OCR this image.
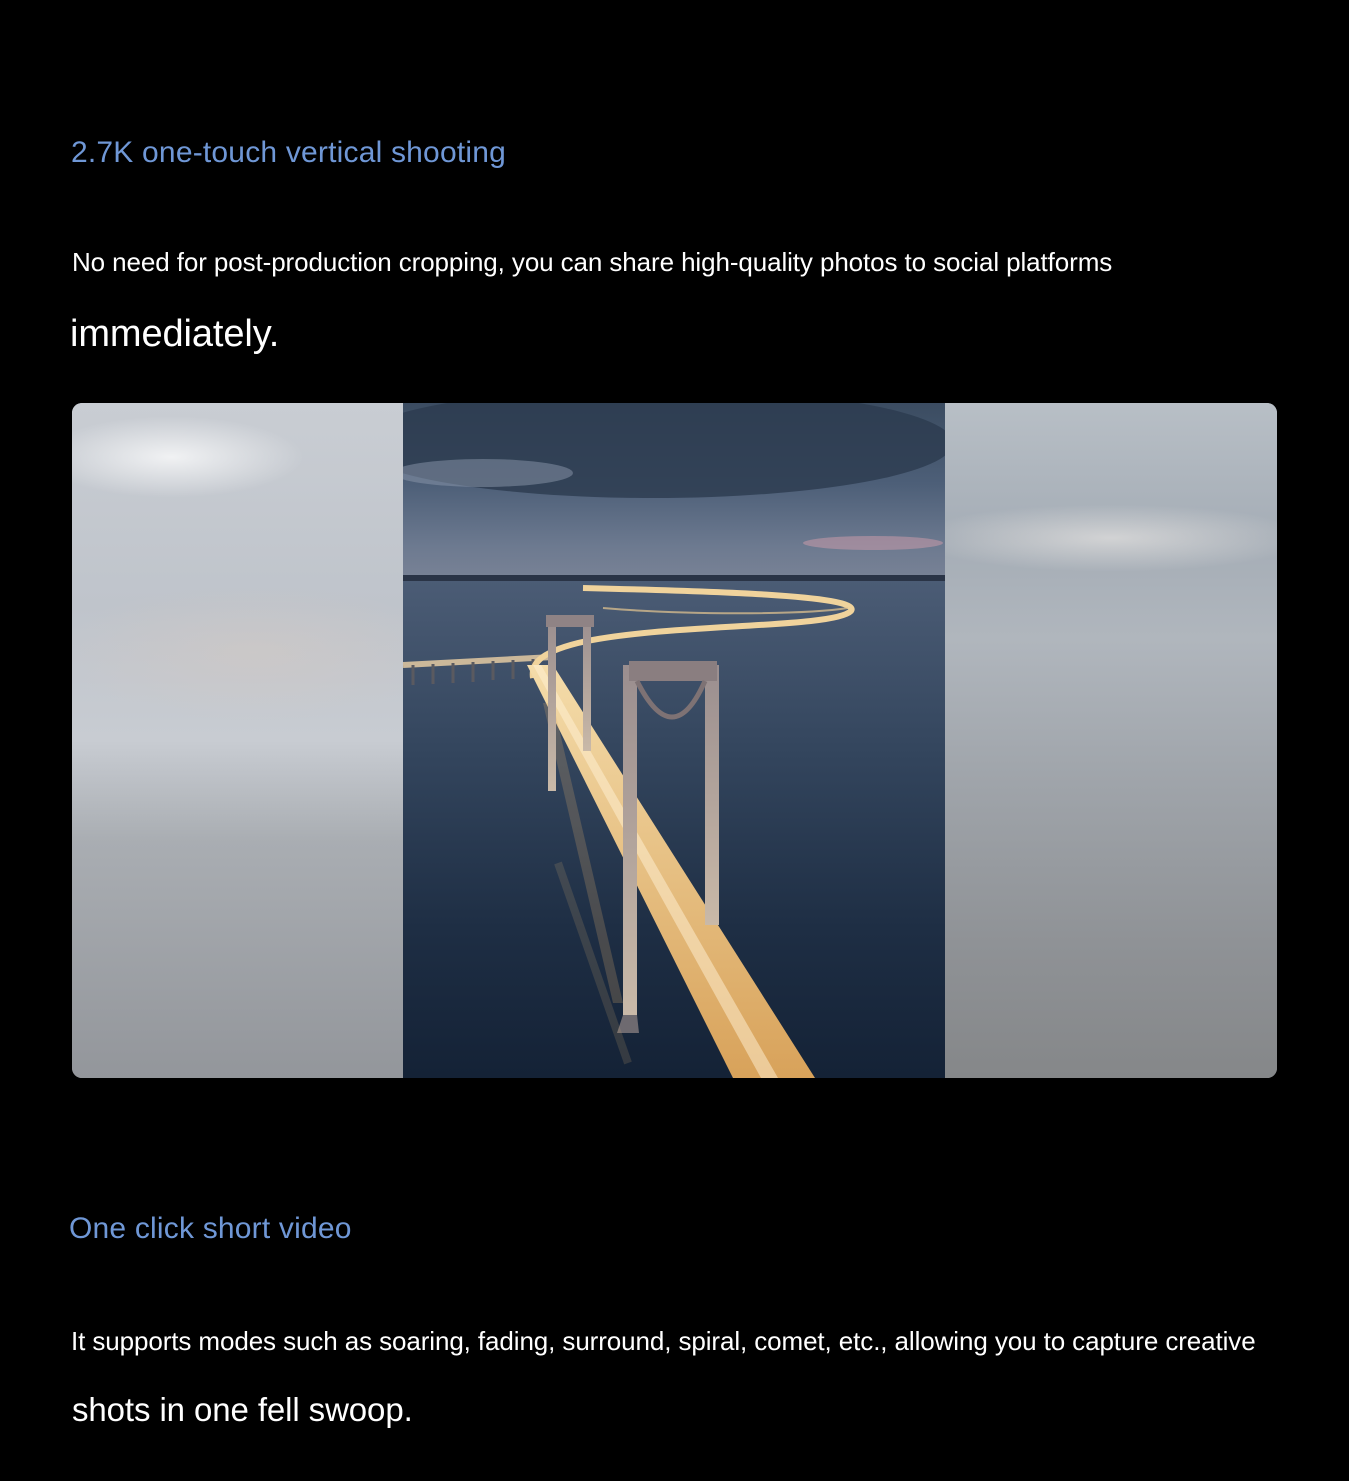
2.7K one-touch vertical shooting
No need for post-production cropping, you can share high-quality photos to social platforms
immediately.
One click short video
It supports modes such as soaring, fading, surround, spiral, comet, etc., allowing you to capture creative
shots in one fell swoop.
